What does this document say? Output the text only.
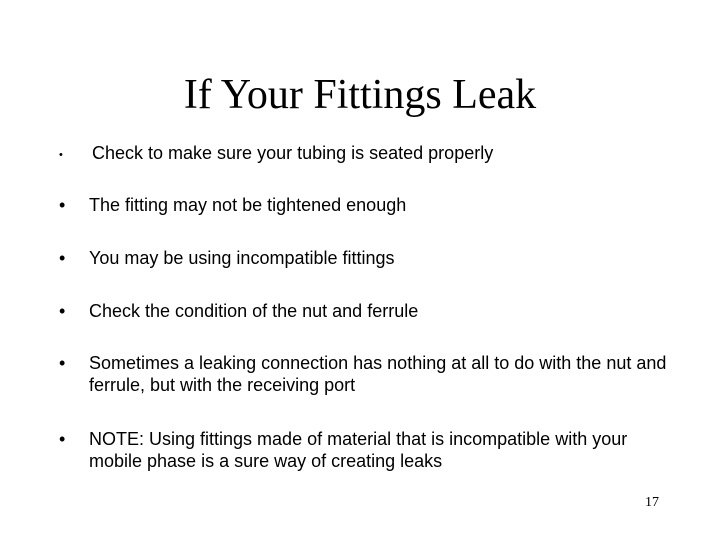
If Your Fittings Leak
•	Check to make sure your tubing is seated properly
•	The fitting may not be tightened enough
•	You may be using incompatible fittings
•	Check the condition of the nut and ferrule
•	Sometimes a leaking connection has nothing at all to do with the nut and ferrule, but with the receiving port
•	NOTE: Using fittings made of material that is incompatible with your mobile phase is a sure way of creating leaks
17
